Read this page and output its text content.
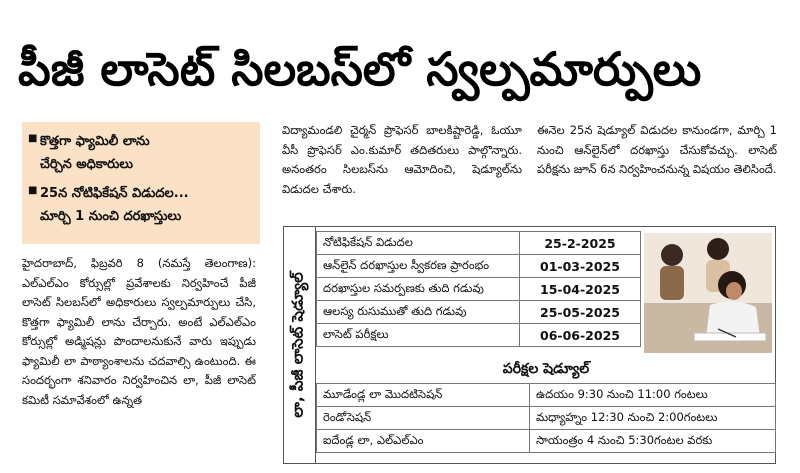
పీజీ లాసెట్ సిలబస్‌లో స్వల్పమార్పులు
■ కొత్తగా ఫ్యామిలీ లాను
చేర్చిన అధికారులు
■ 25న నోటిఫికేషన్ విడుదల...
మార్చి 1 నుంచి దరఖాస్తులు
హైదరాబాద్, ఫిబ్రవరి 8 (నమస్తే తెలంగాణ): ఎల్ఎల్ఎం కోర్సుల్లో ప్రవేశాలకు నిర్వహించే పీజీ లాసెట్ సిలబస్‌లో అధికారులు స్వల్పమార్పులు చేసి, కొత్తగా ఫ్యామిలీ లాను చేర్చారు. అంటే ఎల్ఎల్ఎం కోర్సుల్లో అడ్మిషన్లు పొందాలనుకునే వారు ఇప్పుడు ఫ్యామిలీ లా పాఠ్యాంశాలను చదవాల్సి ఉంటుంది. ఈ సందర్భంగా శనివారం నిర్వహించిన లా, పీజీ లాసెట్ కమిటీ సమావేశంలో ఉన్నత
విద్యామండలి చైర్మన్ ప్రొఫెసర్ బాలకిష్టారెడ్డి, ఓయూ వీసీ ప్రొఫెసర్ ఎం.కుమార్ తదితరులు పాల్గొన్నారు. అనంతరం సిలబస్‌ను ఆమోదించి, షెడ్యూల్‌ను విడుదల చేశారు.
ఈనెల 25న షెడ్యూల్ విడుదల కానుండగా, మార్చి 1 నుంచి ఆన్‌లైన్‌లో దరఖాస్తు చేసుకోవచ్చు. లాసెట్ పరీక్షను జూన్ 6న నిర్వహించనున్న విషయం తెలిసిందే.
లా, పీజీ లాసెట్ షెడ్యూల్
నోటిఫికేషన్ విడుదల	25-2-2025
ఆన్‌లైన్ దరఖాస్తుల స్వీకరణ ప్రారంభం	01-03-2025
దరఖాస్తుల సమర్పణకు తుది గడువు	15-04-2025
ఆలస్య రుసుముతో తుది గడువు	25-05-2025
లాసెట్ పరీక్షలు	06-06-2025
పరీక్షల షెడ్యూల్
మూడేండ్ల లా మొదటిసెషన్	ఉదయం 9:30 నుంచి 11:00 గంటలు
రెండోసెషన్	మధ్యాహ్నం 12:30 నుంచి 2:00గంటలు
ఐదేండ్ల లా, ఎల్ఎల్ఎం	సాయంత్రం 4 నుంచి 5:30గంటల వరకు
